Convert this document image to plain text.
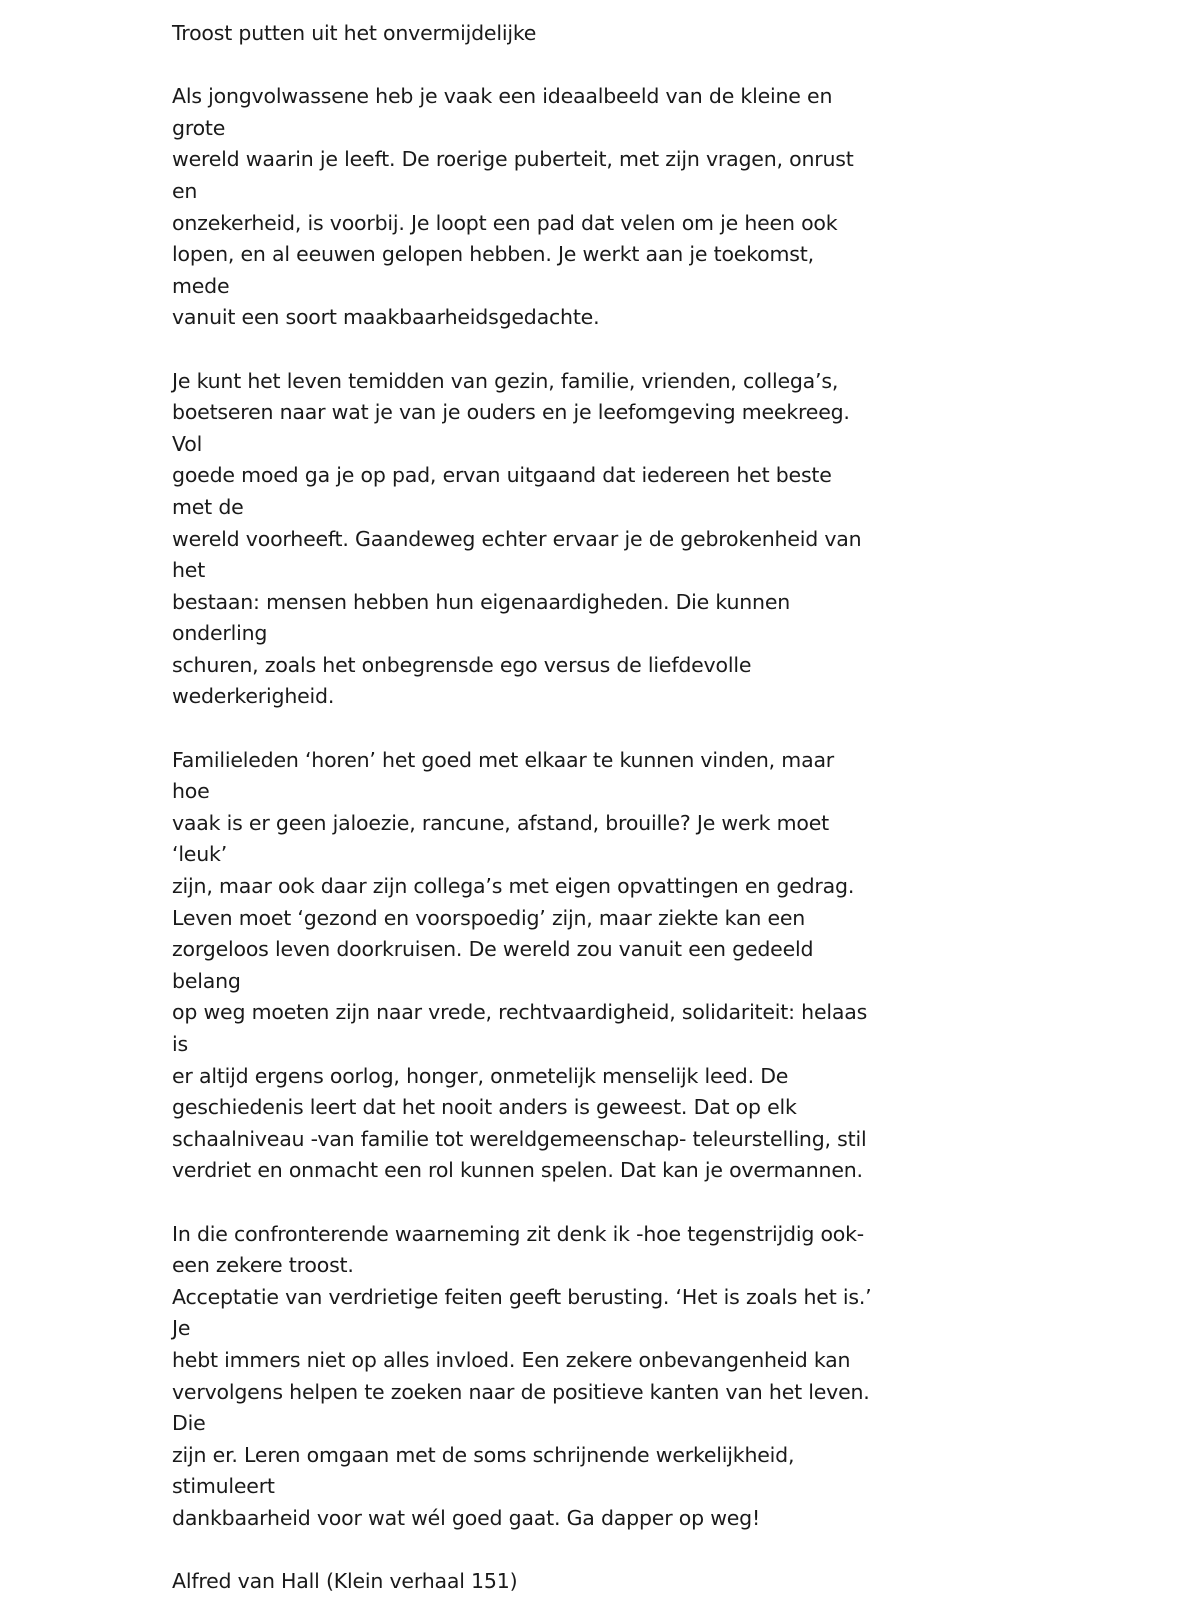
Troost putten uit het onvermijdelijke

Als jongvolwassene heb je vaak een ideaalbeeld van de kleine en grote
wereld waarin je leeft. De roerige puberteit, met zijn vragen, onrust en
onzekerheid, is voorbij. Je loopt een pad dat velen om je heen ook
lopen, en al eeuwen gelopen hebben. Je werkt aan je toekomst, mede
vanuit een soort maakbaarheidsgedachte.

Je kunt het leven temidden van gezin, familie, vrienden, collega’s,
boetseren naar wat je van je ouders en je leefomgeving meekreeg. Vol
goede moed ga je op pad, ervan uitgaand dat iedereen het beste met de
wereld voorheeft. Gaandeweg echter ervaar je de gebrokenheid van het
bestaan: mensen hebben hun eigenaardigheden. Die kunnen onderling
schuren, zoals het onbegrensde ego versus de liefdevolle
wederkerigheid.

Familieleden ‘horen’ het goed met elkaar te kunnen vinden, maar hoe
vaak is er geen jaloezie, rancune, afstand, brouille? Je werk moet ‘leuk’
zijn, maar ook daar zijn collega’s met eigen opvattingen en gedrag.
Leven moet ‘gezond en voorspoedig’ zijn, maar ziekte kan een
zorgeloos leven doorkruisen. De wereld zou vanuit een gedeeld belang
op weg moeten zijn naar vrede, rechtvaardigheid, solidariteit: helaas is
er altijd ergens oorlog, honger, onmetelijk menselijk leed. De
geschiedenis leert dat het nooit anders is geweest. Dat op elk
schaalniveau -van familie tot wereldgemeenschap- teleurstelling, stil
verdriet en onmacht een rol kunnen spelen. Dat kan je overmannen.

In die confronterende waarneming zit denk ik -hoe tegenstrijdig ook-
een zekere troost.

Acceptatie van verdrietige feiten geeft berusting. ‘Het is zoals het is.’ Je
hebt immers niet op alles invloed. Een zekere onbevangenheid kan
vervolgens helpen te zoeken naar de positieve kanten van het leven. Die
zijn er. Leren omgaan met de soms schrijnende werkelijkheid, stimuleert
dankbaarheid voor wat wél goed gaat. Ga dapper op weg!

Alfred van Hall (Klein verhaal 151)
